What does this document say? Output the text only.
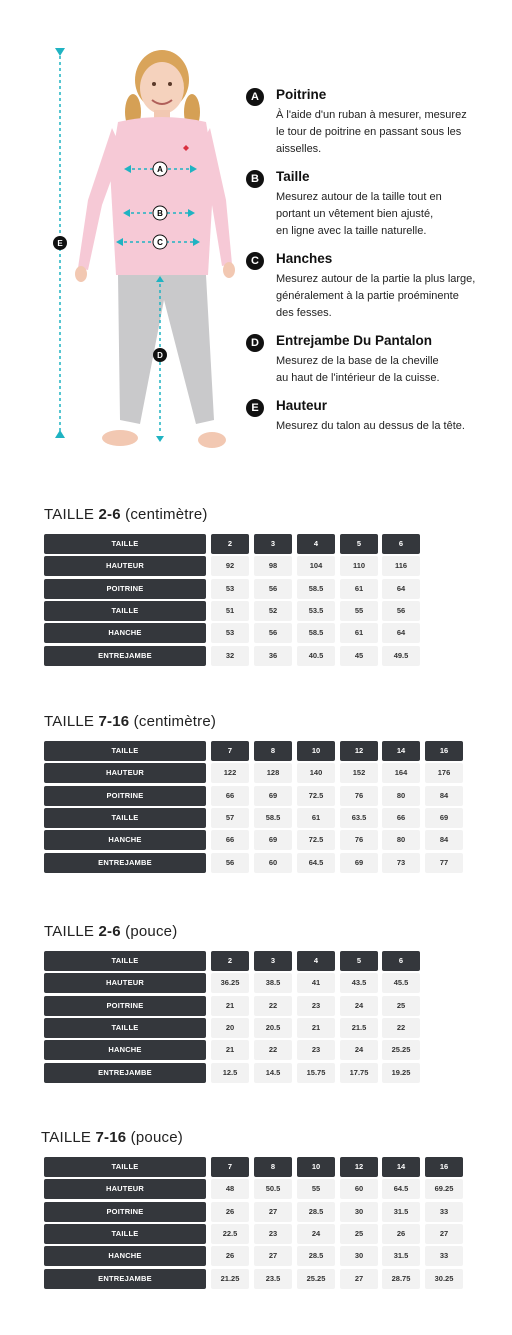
A
B
C
D
E
A	Poitrine
À l'aide d'un ruban à mesurer, mesurez
le tour de poitrine en passant sous les
aisselles.
B	Taille
Mesurez autour de la taille tout en
portant un vêtement bien ajusté,
en ligne avec la taille naturelle.
C	Hanches
Mesurez autour de la partie la plus large,
généralement à la partie proéminente
des fesses.
D	Entrejambe Du Pantalon
Mesurez de la base de la cheville
au haut de l'intérieur de la cuisse.
E	Hauteur
Mesurez du talon au dessus de la tête.
TAILLE 2-6 (centimètre)
TAILLE	2	3	4	5	6
HAUTEUR	92	98	104	110	116
POITRINE	53	56	58.5	61	64
TAILLE	51	52	53.5	55	56
HANCHE	53	56	58.5	61	64
ENTREJAMBE	32	36	40.5	45	49.5
TAILLE 7-16 (centimètre)
TAILLE	7	8	10	12	14	16
HAUTEUR	122	128	140	152	164	176
POITRINE	66	69	72.5	76	80	84
TAILLE	57	58.5	61	63.5	66	69
HANCHE	66	69	72.5	76	80	84
ENTREJAMBE	56	60	64.5	69	73	77
TAILLE 2-6 (pouce)
TAILLE	2	3	4	5	6
HAUTEUR	36.25	38.5	41	43.5	45.5
POITRINE	21	22	23	24	25
TAILLE	20	20.5	21	21.5	22
HANCHE	21	22	23	24	25.25
ENTREJAMBE	12.5	14.5	15.75	17.75	19.25
TAILLE 7-16 (pouce)
TAILLE	7	8	10	12	14	16
HAUTEUR	48	50.5	55	60	64.5	69.25
POITRINE	26	27	28.5	30	31.5	33
TAILLE	22.5	23	24	25	26	27
HANCHE	26	27	28.5	30	31.5	33
ENTREJAMBE	21.25	23.5	25.25	27	28.75	30.25
